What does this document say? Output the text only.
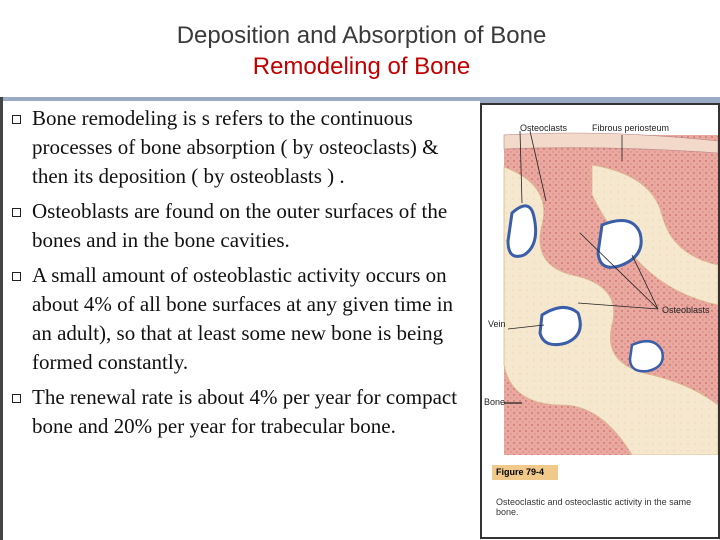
Deposition and Absorption of Bone
Remodeling of Bone
Bone remodeling is s refers to the continuous processes of bone absorption ( by osteoclasts) & then its deposition ( by osteoblasts ) .
Osteoblasts are found on the outer surfaces of the bones and in the bone cavities.
A small amount of osteoblastic activity occurs on about 4% of all bone surfaces at any given time in an adult), so that at least some new bone is being formed constantly.
The renewal rate is about 4% per year for compact bone and 20% per year for trabecular bone.
Osteoclasts	Fibrous periosteum
Vein
Osteoblasts
Bone
Figure 79-4
Osteoclastic and osteoclastic activity in the same bone.
